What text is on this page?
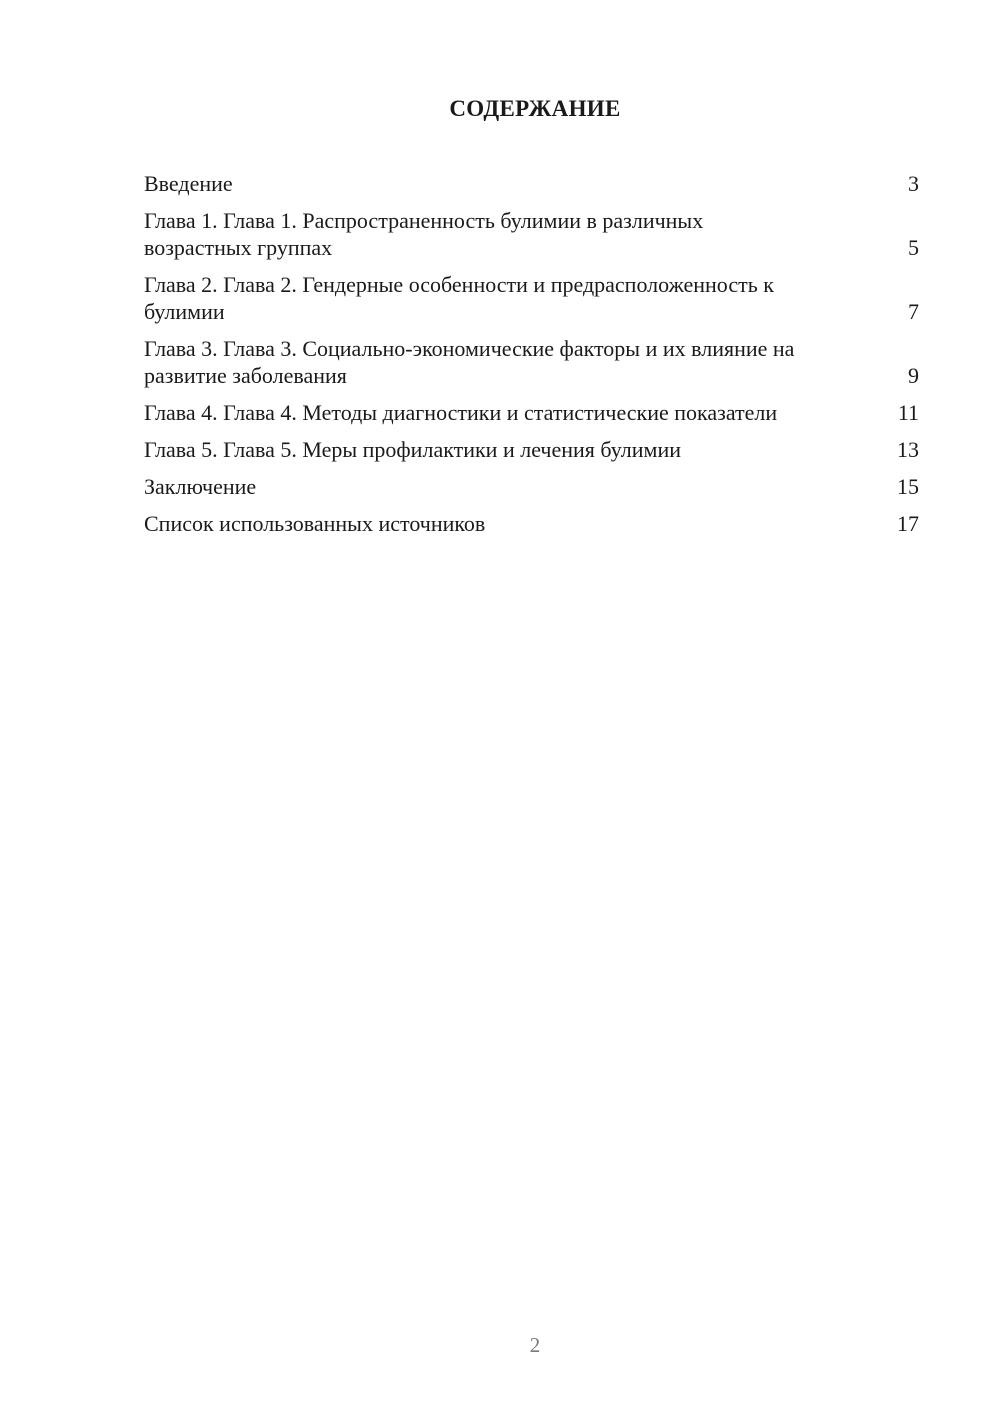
СОДЕРЖАНИЕ
Введение	3
Глава 1. Глава 1. Распространенность булимии в различных возрастных группах	5
Глава 2. Глава 2. Гендерные особенности и предрасположенность к булимии	7
Глава 3. Глава 3. Социально-экономические факторы и их влияние на развитие заболевания	9
Глава 4. Глава 4. Методы диагностики и статистические показатели	11
Глава 5. Глава 5. Меры профилактики и лечения булимии	13
Заключение	15
Список использованных источников	17
2
